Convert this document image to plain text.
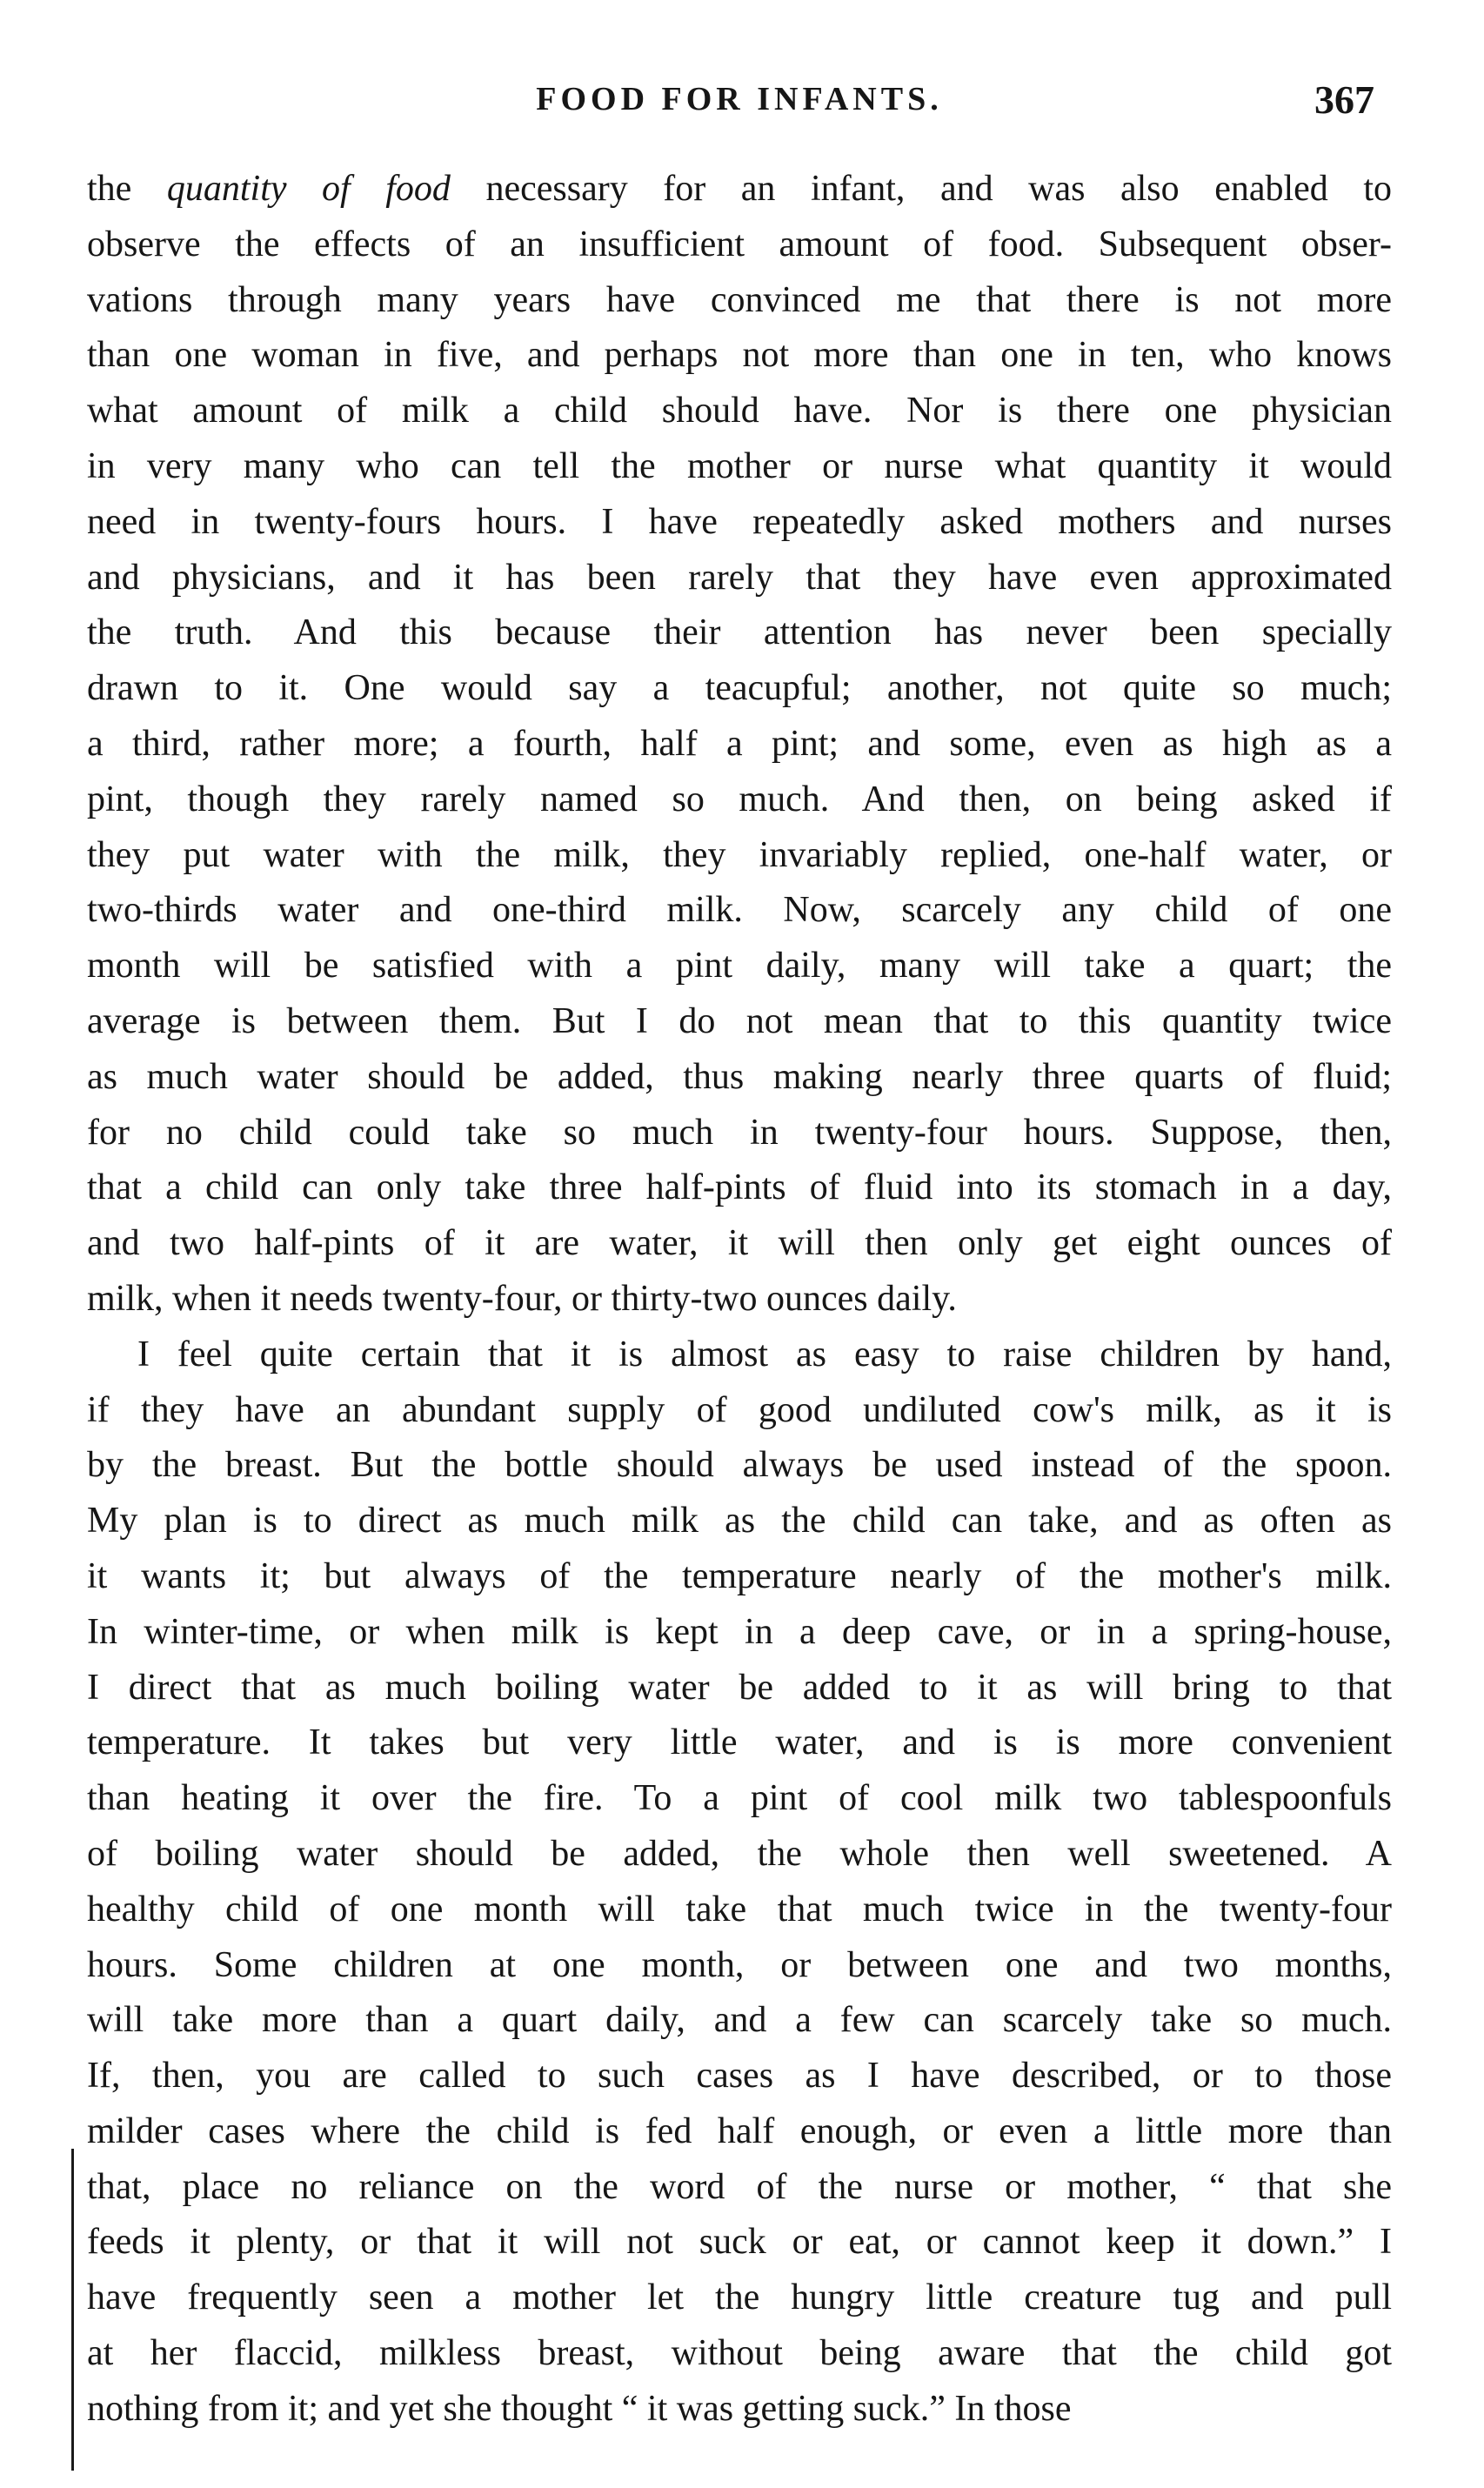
FOOD FOR INFANTS.	367
the quantity of food necessary for an infant, and was also enabled to
observe the effects of an insufficient amount of food. Subsequent obser-
vations through many years have convinced me that there is not more
than one woman in five, and perhaps not more than one in ten, who knows
what amount of milk a child should have. Nor is there one physician
in very many who can tell the mother or nurse what quantity it would
need in twenty-fours hours. I have repeatedly asked mothers and nurses
and physicians, and it has been rarely that they have even approximated
the truth. And this because their attention has never been specially
drawn to it. One would say a teacupful; another, not quite so much;
a third, rather more; a fourth, half a pint; and some, even as high as a
pint, though they rarely named so much. And then, on being asked if
they put water with the milk, they invariably replied, one-half water, or
two-thirds water and one-third milk. Now, scarcely any child of one
month will be satisfied with a pint daily, many will take a quart; the
average is between them. But I do not mean that to this quantity twice
as much water should be added, thus making nearly three quarts of fluid;
for no child could take so much in twenty-four hours. Suppose, then,
that a child can only take three half-pints of fluid into its stomach in a day,
and two half-pints of it are water, it will then only get eight ounces of
milk, when it needs twenty-four, or thirty-two ounces daily.
I feel quite certain that it is almost as easy to raise children by hand,
if they have an abundant supply of good undiluted cow's milk, as it is
by the breast. But the bottle should always be used instead of the spoon.
My plan is to direct as much milk as the child can take, and as often as
it wants it; but always of the temperature nearly of the mother's milk.
In winter-time, or when milk is kept in a deep cave, or in a spring-house,
I direct that as much boiling water be added to it as will bring to that
temperature. It takes but very little water, and is is more convenient
than heating it over the fire. To a pint of cool milk two tablespoonfuls
of boiling water should be added, the whole then well sweetened. A
healthy child of one month will take that much twice in the twenty-four
hours. Some children at one month, or between one and two months,
will take more than a quart daily, and a few can scarcely take so much.
If, then, you are called to such cases as I have described, or to those
milder cases where the child is fed half enough, or even a little more than
that, place no reliance on the word of the nurse or mother, “ that she
feeds it plenty, or that it will not suck or eat, or cannot keep it down.” I
have frequently seen a mother let the hungry little creature tug and pull
at her flaccid, milkless breast, without being aware that the child got
nothing from it; and yet she thought “ it was getting suck.” In those
